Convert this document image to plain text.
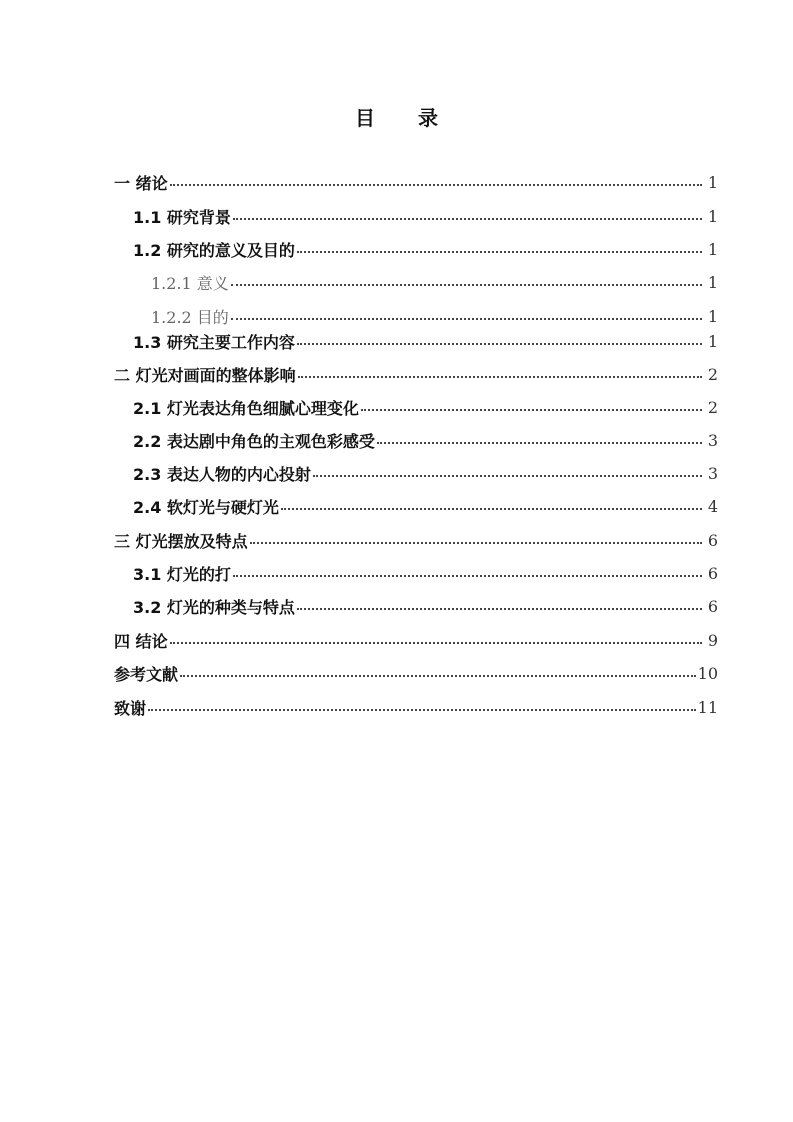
目 录
一 绪论	1
1.1 研究背景	1
1.2 研究的意义及目的	1
1.2.1 意义	1
1.2.2 目的	1
1.3 研究主要工作内容	1
二 灯光对画面的整体影响	2
2.1 灯光表达角色细腻心理变化	2
2.2 表达剧中角色的主观色彩感受	3
2.3 表达人物的内心投射	3
2.4 软灯光与硬灯光	4
三 灯光摆放及特点	6
3.1 灯光的打	6
3.2 灯光的种类与特点	6
四 结论	9
参考文献	10
致谢	11
